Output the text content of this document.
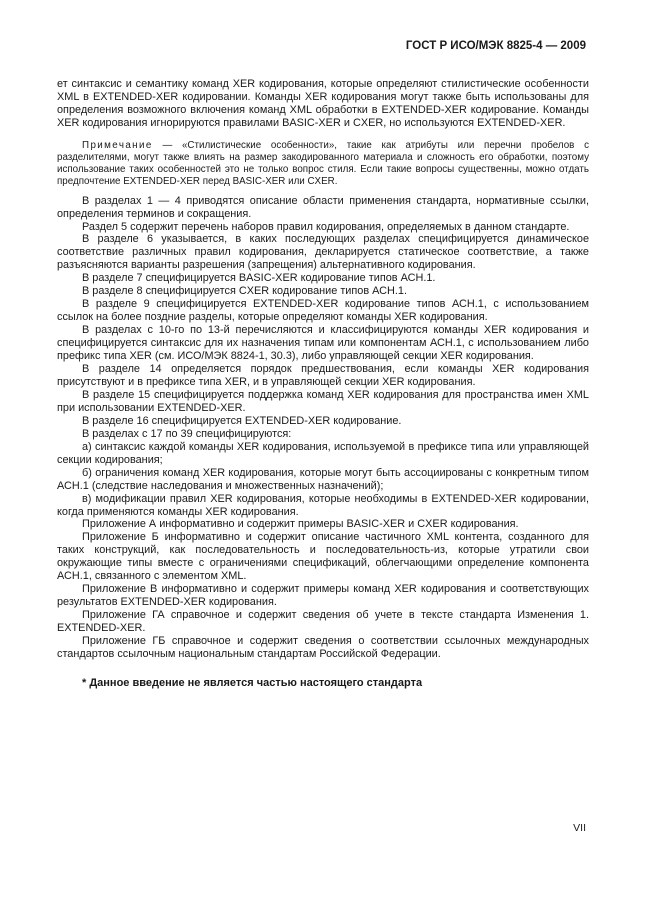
ГОСТ Р ИСО/МЭК 8825-4 — 2009

ет синтаксис и семантику команд XER кодирования, которые определяют стилистические особенности XML в EXTENDED-XER кодировании. Команды XER кодирования могут также быть использованы для определения возможного включения команд XML обработки в EXTENDED-XER кодирование. Команды XER кодирования игнорируются правилами BASIC-XER и CXER, но используются EXTENDED-XER.

Примечание — «Стилистические особенности», такие как атрибуты или перечни пробелов с разделителями, могут также влиять на размер закодированного материала и сложность его обработки, поэтому использование таких особенностей это не только вопрос стиля. Если такие вопросы существенны, можно отдать предпочтение EXTENDED-XER перед BASIC-XER или CXER.

В разделах 1 — 4 приводятся описание области применения стандарта, нормативные ссылки, определения терминов и сокращения.

Раздел 5 содержит перечень наборов правил кодирования, определяемых в данном стандарте.

В разделе 6 указывается, в каких последующих разделах специфицируется динамическое соответствие различных правил кодирования, декларируется статическое соответствие, а также разъясняются варианты разрешения (запрещения) альтернативного кодирования.

В разделе 7 специфицируется BASIC-XER кодирование типов АСН.1.

В разделе 8 специфицируется CXER кодирование типов АСН.1.

В разделе 9 специфицируется EXTENDED-XER кодирование типов АСН.1, с использованием ссылок на более поздние разделы, которые определяют команды XER кодирования.

В разделах с 10-го по 13-й перечисляются и классифицируются команды XER кодирования и специфицируется синтаксис для их назначения типам или компонентам АСН.1, с использованием либо префикс типа XER (см. ИСО/МЭК 8824-1, 30.3), либо управляющей секции XER кодирования.

В разделе 14 определяется порядок предшествования, если команды XER кодирования присутствуют и в префиксе типа XER, и в управляющей секции XER кодирования.

В разделе 15 специфицируется поддержка команд XER кодирования для пространства имен XML при использовании EXTENDED-XER.

В разделе 16 специфицируется EXTENDED-XER кодирование.

В разделах с 17 по 39 специфицируются:

а) синтаксис каждой команды XER кодирования, используемой в префиксе типа или управляющей секции кодирования;

б) ограничения команд XER кодирования, которые могут быть ассоциированы с конкретным типом АСН.1 (следствие наследования и множественных назначений);

в) модификации правил XER кодирования, которые необходимы в EXTENDED-XER кодировании, когда применяются команды XER кодирования.

Приложение А информативно и содержит примеры BASIC-XER и CXER кодирования.

Приложение Б информативно и содержит описание частичного XML контента, созданного для таких конструкций, как последовательность и последовательность-из, которые утратили свои окружающие типы вместе с ограничениями спецификаций, облегчающими определение компонента АСН.1, связанного с элементом XML.

Приложение В информативно и содержит примеры команд XER кодирования и соответствующих результатов EXTENDED-XER кодирования.

Приложение ГА справочное и содержит сведения об учете в тексте стандарта Изменения 1. EXTENDED-XER.

Приложение ГБ справочное и содержит сведения о соответствии ссылочных международных стандартов ссылочным национальным стандартам Российской Федерации.

* Данное введение не является частью настоящего стандарта
VII
